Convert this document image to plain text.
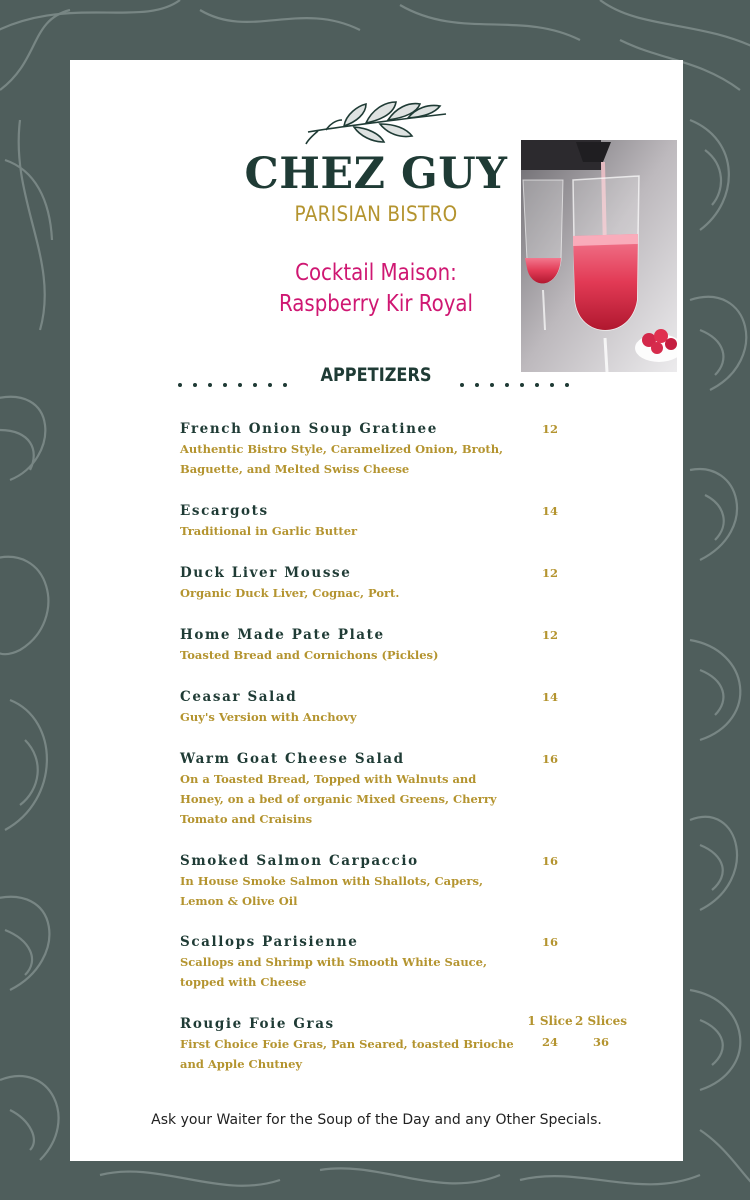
CHEZ GUY
PARISIAN BISTRO
Cocktail Maison:
Raspberry Kir Royal
APPETIZERS
French Onion Soup Gratinee
Authentic Bistro Style, Caramelized Onion, Broth,
Baguette, and Melted Swiss Cheese
12
Escargots
Traditional in Garlic Butter
14
Duck Liver Mousse
Organic Duck Liver, Cognac, Port.
12
Home Made Pate Plate
Toasted Bread and Cornichons (Pickles)
12
Ceasar Salad
Guy's Version with Anchovy
14
Warm Goat Cheese Salad
On a Toasted Bread, Topped with Walnuts and
Honey, on a bed of organic Mixed Greens, Cherry
Tomato and Craisins
16
Smoked Salmon Carpaccio
In House Smoke Salmon with Shallots, Capers,
Lemon & Olive Oil
16
Scallops Parisienne
Scallops and Shrimp with Smooth White Sauce,
topped with Cheese
16
Rougie Foie Gras
First Choice Foie Gras, Pan Seared, toasted Brioche
and Apple Chutney
24	36
1 Slice 2 Slices
Ask your Waiter for the Soup of the Day and any Other Specials.
